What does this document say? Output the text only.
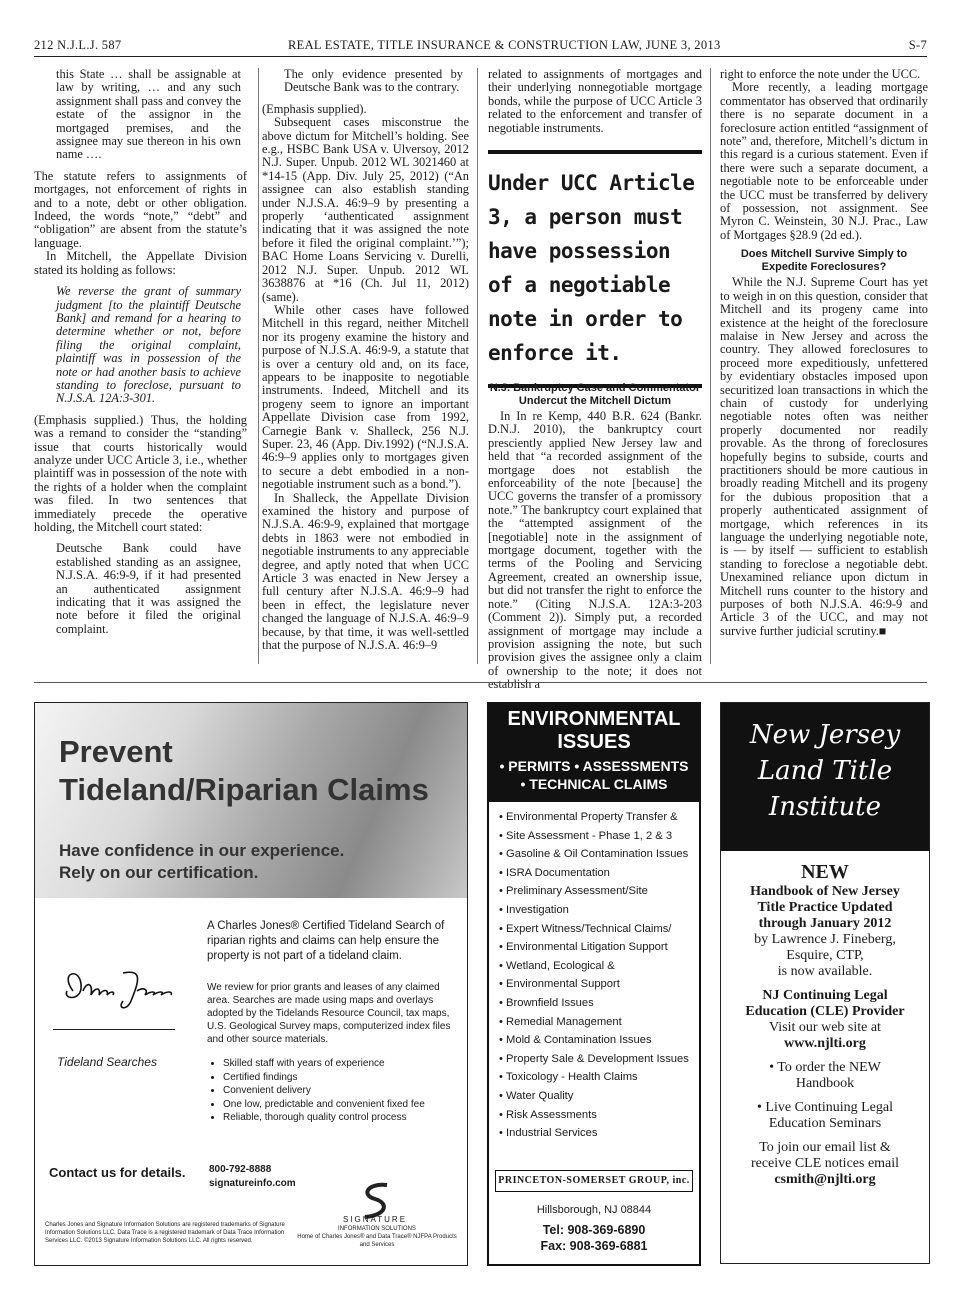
212 N.J.L.J. 587	REAL ESTATE, TITLE INSURANCE & CONSTRUCTION LAW, JUNE 3, 2013	S-7
this State … shall be assignable at law by writing, … and any such assignment shall pass and convey the estate of the assignor in the mortgaged premises, and the assignee may sue thereon in his own name ….

The statute refers to assignments of mortgages, not enforcement of rights in and to a note, debt or other obligation. Indeed, the words “note,” “debt” and “obligation” are absent from the statute’s language.

In Mitchell, the Appellate Division stated its holding as follows:

We reverse the grant of summary judgment [to the plaintiff Deutsche Bank] and remand for a hearing to determine whether or not, before filing the original complaint, plaintiff was in possession of the note or had another basis to achieve standing to foreclose, pursuant to N.J.S.A. 12A:3-301.

(Emphasis supplied.) Thus, the holding was a remand to consider the “standing” issue that courts historically would analyze under UCC Article 3, i.e., whether plaintiff was in possession of the note with the rights of a holder when the complaint was filed. In two sentences that immediately precede the operative holding, the Mitchell court stated:

Deutsche Bank could have established standing as an assignee, N.J.S.A. 46:9-9, if it had presented an authenticated assignment indicating that it was assigned the note before it filed the original complaint.
The only evidence presented by Deutsche Bank was to the contrary.

(Emphasis supplied).

Subsequent cases misconstrue the above dictum for Mitchell’s holding. See e.g., HSBC Bank USA v. Ulversoy, 2012 N.J. Super. Unpub. 2012 WL 3021460 at *14-15 (App. Div. July 25, 2012) (“An assignee can also establish standing under N.J.S.A. 46:9–9 by presenting a properly ‘authenticated assignment indicating that it was assigned the note before it filed the original complaint.’”); BAC Home Loans Servicing v. Durelli, 2012 N.J. Super. Unpub. 2012 WL 3638876 at *16 (Ch. Jul 11, 2012) (same).

While other cases have followed Mitchell in this regard, neither Mitchell nor its progeny examine the history and purpose of N.J.S.A. 46:9-9, a statute that is over a century old and, on its face, appears to be inapposite to negotiable instruments. Indeed, Mitchell and its progeny seem to ignore an important Appellate Division case from 1992, Carnegie Bank v. Shalleck, 256 N.J. Super. 23, 46 (App. Div.1992) (“N.J.S.A. 46:9–9 applies only to mortgages given to secure a debt embodied in a non-negotiable instrument such as a bond.”).

In Shalleck, the Appellate Division examined the history and purpose of N.J.S.A. 46:9-9, explained that mortgage debts in 1863 were not embodied in negotiable instruments to any appreciable degree, and aptly noted that when UCC Article 3 was enacted in New Jersey a full century after N.J.S.A. 46:9–9 had been in effect, the legislature never changed the language of N.J.S.A. 46:9–9 because, by that time, it was well-settled that the purpose of N.J.S.A. 46:9–9

related to assignments of mortgages and their underlying nonnegotiable mortgage bonds, while the purpose of UCC Article 3 related to the enforcement and transfer of negotiable instruments.

Under UCC Article 3, a person must have possession of a negotiable note in order to enforce it.
N.J. Bankruptcy Case and Commentator Undercut the Mitchell Dictum

In In re Kemp, 440 B.R. 624 (Bankr. D.N.J. 2010), the bankruptcy court presciently applied New Jersey law and held that “a recorded assignment of the mortgage does not establish the enforceability of the note [because] the UCC governs the transfer of a promissory note.” The bankruptcy court explained that the “attempted assignment of the [negotiable] note in the assignment of mortgage document, together with the terms of the Pooling and Servicing Agreement, created an ownership issue, but did not transfer the right to enforce the note.” (Citing N.J.S.A. 12A:3-203 (Comment 2)). Simply put, a recorded assignment of mortgage may include a provision assigning the note, but such provision gives the assignee only a claim of ownership to the note; it does not establish a

right to enforce the note under the UCC.

More recently, a leading mortgage commentator has observed that ordinarily there is no separate document in a foreclosure action entitled “assignment of note” and, therefore, Mitchell’s dictum in this regard is a curious statement. Even if there were such a separate document, a negotiable note to be enforceable under the UCC must be transferred by delivery of possession, not assignment. See Myron C. Weinstein, 30 N.J. Prac., Law of Mortgages §28.9 (2d ed.).

Does Mitchell Survive Simply to Expedite Foreclosures?

While the N.J. Supreme Court has yet to weigh in on this question, consider that Mitchell and its progeny came into existence at the height of the foreclosure malaise in New Jersey and across the country. They allowed foreclosures to proceed more expeditiously, unfettered by evidentiary obstacles imposed upon securitized loan transactions in which the chain of custody for underlying negotiable notes often was neither properly documented nor readily provable. As the throng of foreclosures hopefully begins to subside, courts and practitioners should be more cautious in broadly reading Mitchell and its progeny for the dubious proposition that a properly authenticated assignment of mortgage, which references in its language the underlying negotiable note, is — by itself — sufficient to establish standing to foreclose a negotiable debt. Unexamined reliance upon dictum in Mitchell runs counter to the history and purposes of both N.J.S.A. 46:9-9 and Article 3 of the UCC, and may not survive further judicial scrutiny.■

Prevent
Tideland/Riparian Claims
Have confidence in our experience.
Rely on our certification.
A Charles Jones® Certified Tideland Search of riparian rights and claims can help ensure the property is not part of a tideland claim.
We review for prior grants and leases of any claimed area. Searches are made using maps and overlays adopted by the Tidelands Resource Council, tax maps, U.S. Geological Survey maps, computerized index files and other source materials.
• Skilled staff with years of experience
• Certified findings
• Convenient delivery
• One low, predictable and convenient fixed fee
• Reliable, thorough quality control process
Tideland Searches
Contact us for details. 800-792-8888
signatureinfo.com
SIGNATURE
INFORMATION SOLUTIONS
Home of Charles Jones® and Data Trace® NJFPA Products and Services
Charles Jones and Signature Information Solutions are registered trademarks of Signature Information Solutions LLC. Data Trace is a registered trademark of Data Trace Information Services LLC. ©2013 Signature Information Solutions LLC. All rights reserved.
ENVIRONMENTAL
ISSUES
• PERMITS • ASSESSMENTS
• TECHNICAL CLAIMS
• Environmental Property Transfer &
• Site Assessment - Phase 1, 2 & 3
• Gasoline & Oil Contamination Issues
• ISRA Documentation
• Preliminary Assessment/Site
• Investigation
• Expert Witness/Technical Claims/
• Environmental Litigation Support
• Wetland, Ecological &
• Environmental Support
• Brownfield Issues
• Remedial Management
• Mold & Contamination Issues
• Property Sale & Development Issues
• Toxicology - Health Claims
• Water Quality
• Risk Assessments
• Industrial Services
PRINCETON-SOMERSET GROUP, inc.
Hillsborough, NJ 08844
Tel: 908-369-6890
Fax: 908-369-6881
New Jersey
Land Title
Institute
NEW
Handbook of New Jersey
Title Practice Updated
through January 2012
by Lawrence J. Fineberg,
Esquire, CTP,
is now available.
NJ Continuing Legal
Education (CLE) Provider
Visit our web site at
www.njlti.org
• To order the NEW
Handbook
• Live Continuing Legal
Education Seminars
To join our email list &
receive CLE notices email
csmith@njlti.org
